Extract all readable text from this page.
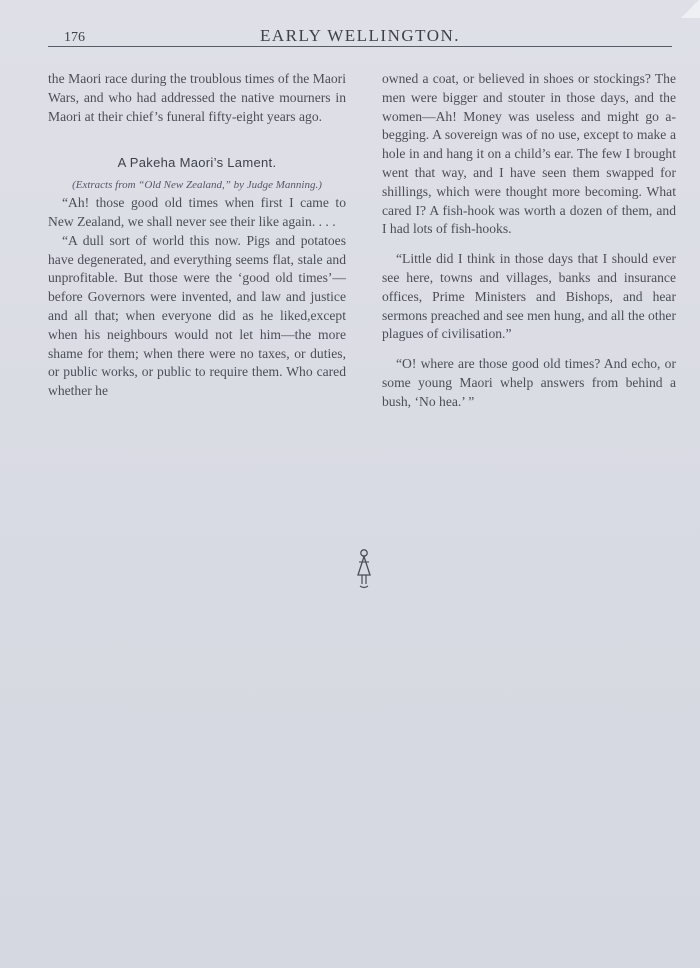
176	EARLY WELLINGTON.

the Maori race during the troublous times of the Maori Wars, and who had addressed the native mourners in Maori at their chief’s funeral fifty-eight years ago.

A Pakeha Maori’s Lament.

(Extracts from “Old New Zealand,” by Judge Manning.)

“Ah! those good old times when first I came to New Zealand, we shall never see their like again. . . .

“A dull sort of world this now. Pigs and potatoes have degenerated, and everything seems flat, stale and unprofitable. But those were the ‘good old times’—before Governors were invented, and law and justice and all that; when everyone did as he liked,except when his neighbours would not let him—the more shame for them; when there were no taxes, or duties, or public works, or public to require them. Who cared whether he

owned a coat, or believed in shoes or stockings? The men were bigger and stouter in those days, and the women—Ah! Money was useless and might go a-begging. A sovereign was of no use, except to make a hole in and hang it on a child’s ear. The few I brought went that way, and I have seen them swapped for shillings, which were thought more becoming. What cared I? A fish-hook was worth a dozen of them, and I had lots of fish-hooks.

“Little did I think in those days that I should ever see here, towns and villages, banks and insurance offices, Prime Ministers and Bishops, and hear sermons preached and see men hung, and all the other plagues of civilisation.”

“O! where are those good old times? And echo, or some young Maori whelp answers from behind a bush, ‘No hea.’ ”
